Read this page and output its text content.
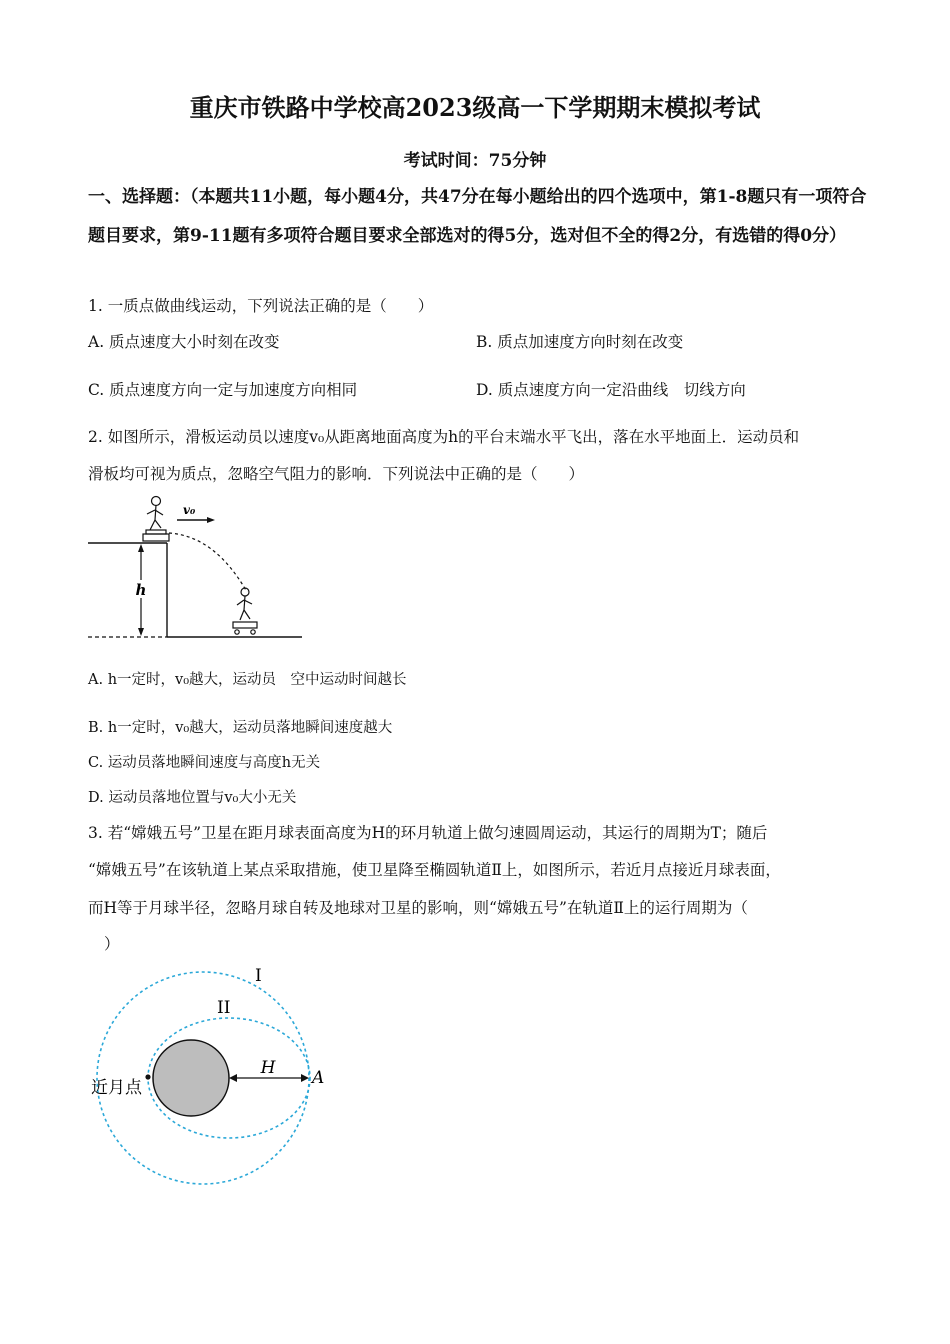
重庆市铁路中学校高2023级高一下学期期末模拟考试
考试时间：75分钟
一、选择题：（本题共11小题，每小题4分，共47分在每小题给出的四个选项中，第1-8题只有一项符合题目要求，第9-11题有多项符合题目要求全部选对的得5分，选对但不全的得2分，有选错的得0分）
1. 一质点做曲线运动，下列说法正确的是（　　）
A. 质点速度大小时刻在改变	B. 质点加速度方向时刻在改变
C. 质点速度方向一定与加速度方向相同	D. 质点速度方向一定沿曲线　切线方向
2. 如图所示，滑板运动员以速度v₀从距离地面高度为h的平台末端水平飞出，落在水平地面上．运动员和
滑板均可视为质点，忽略空气阻力的影响．下列说法中正确的是（　　）
h
v₀
A. h一定时，v₀越大，运动员　空中运动时间越长
B. h一定时，v₀越大，运动员落地瞬间速度越大
C. 运动员落地瞬间速度与高度h无关
D. 运动员落地位置与v₀大小无关
3. 若“嫦娥五号”卫星在距月球表面高度为H的环月轨道上做匀速圆周运动，其运行的周期为T；随后
“嫦娥五号”在该轨道上某点采取措施，使卫星降至椭圆轨道Ⅱ上，如图所示，若近月点接近月球表面，
而H等于月球半径，忽略月球自转及地球对卫星的影响，则“嫦娥五号”在轨道Ⅱ上的运行周期为（
）
I
II
H A
近月点
